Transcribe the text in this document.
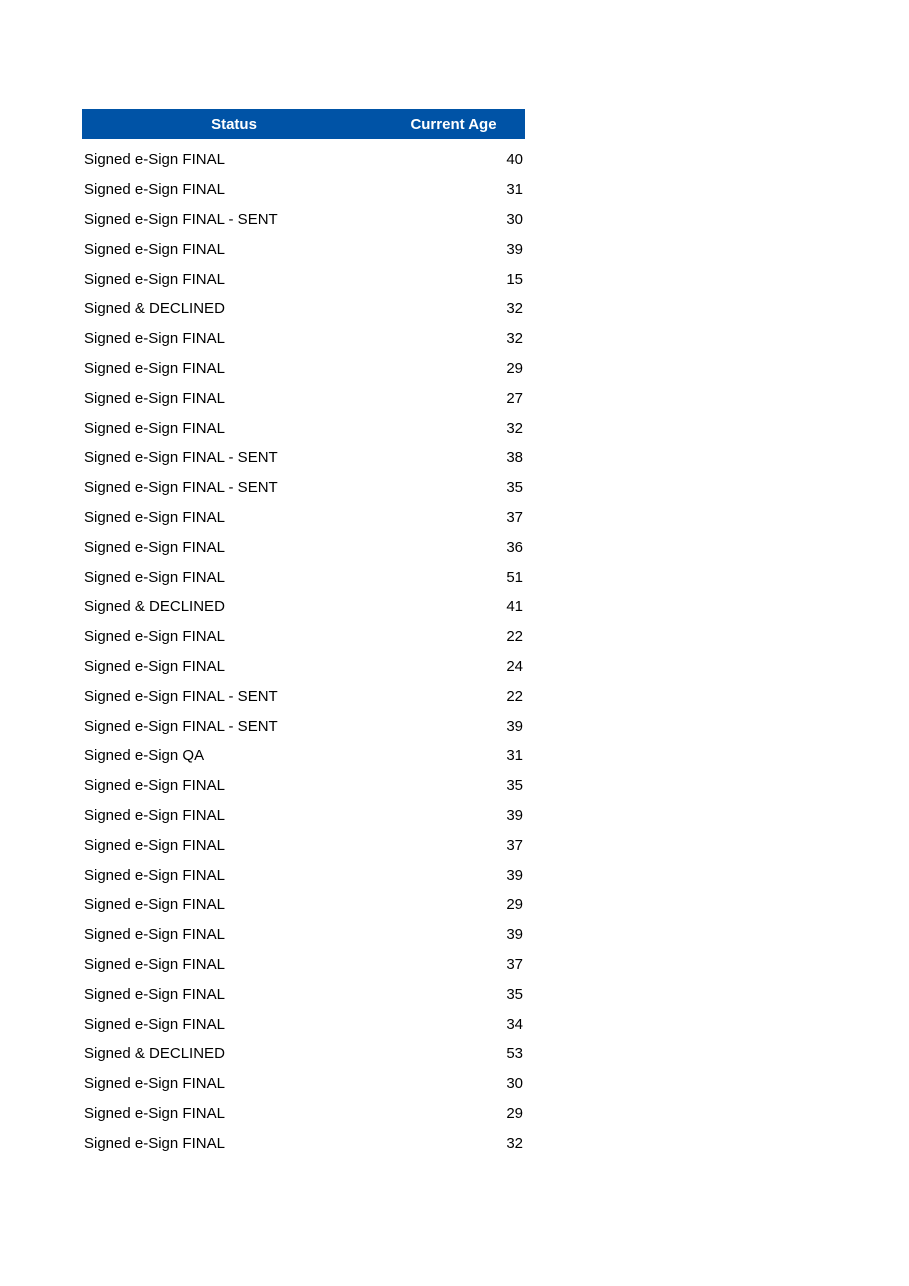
Status	Current Age
Signed e-Sign FINAL	40
Signed e-Sign FINAL	31
Signed e-Sign FINAL - SENT	30
Signed e-Sign FINAL	39
Signed e-Sign FINAL	15
Signed & DECLINED	32
Signed e-Sign FINAL	32
Signed e-Sign FINAL	29
Signed e-Sign FINAL	27
Signed e-Sign FINAL	32
Signed e-Sign FINAL - SENT	38
Signed e-Sign FINAL - SENT	35
Signed e-Sign FINAL	37
Signed e-Sign FINAL	36
Signed e-Sign FINAL	51
Signed & DECLINED	41
Signed e-Sign FINAL	22
Signed e-Sign FINAL	24
Signed e-Sign FINAL - SENT	22
Signed e-Sign FINAL - SENT	39
Signed e-Sign QA	31
Signed e-Sign FINAL	35
Signed e-Sign FINAL	39
Signed e-Sign FINAL	37
Signed e-Sign FINAL	39
Signed e-Sign FINAL	29
Signed e-Sign FINAL	39
Signed e-Sign FINAL	37
Signed e-Sign FINAL	35
Signed e-Sign FINAL	34
Signed & DECLINED	53
Signed e-Sign FINAL	30
Signed e-Sign FINAL	29
Signed e-Sign FINAL	32
